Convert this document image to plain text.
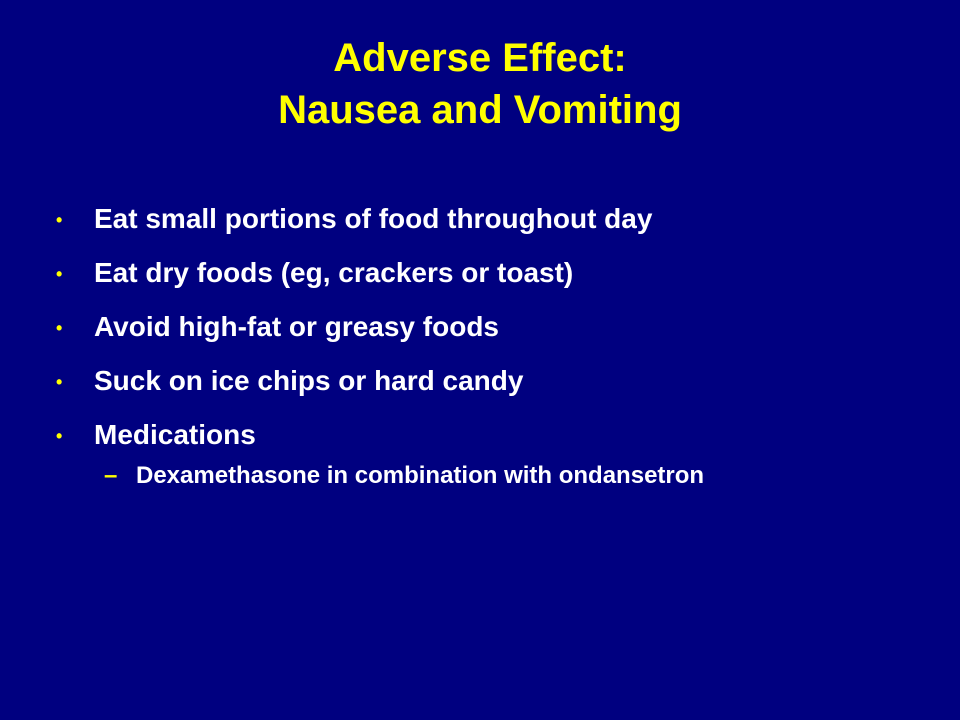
Adverse Effect:
Nausea and Vomiting
• Eat small portions of food throughout day
• Eat dry foods (eg, crackers or toast)
• Avoid high-fat or greasy foods
• Suck on ice chips or hard candy
• Medications
– Dexamethasone in combination with ondansetron
